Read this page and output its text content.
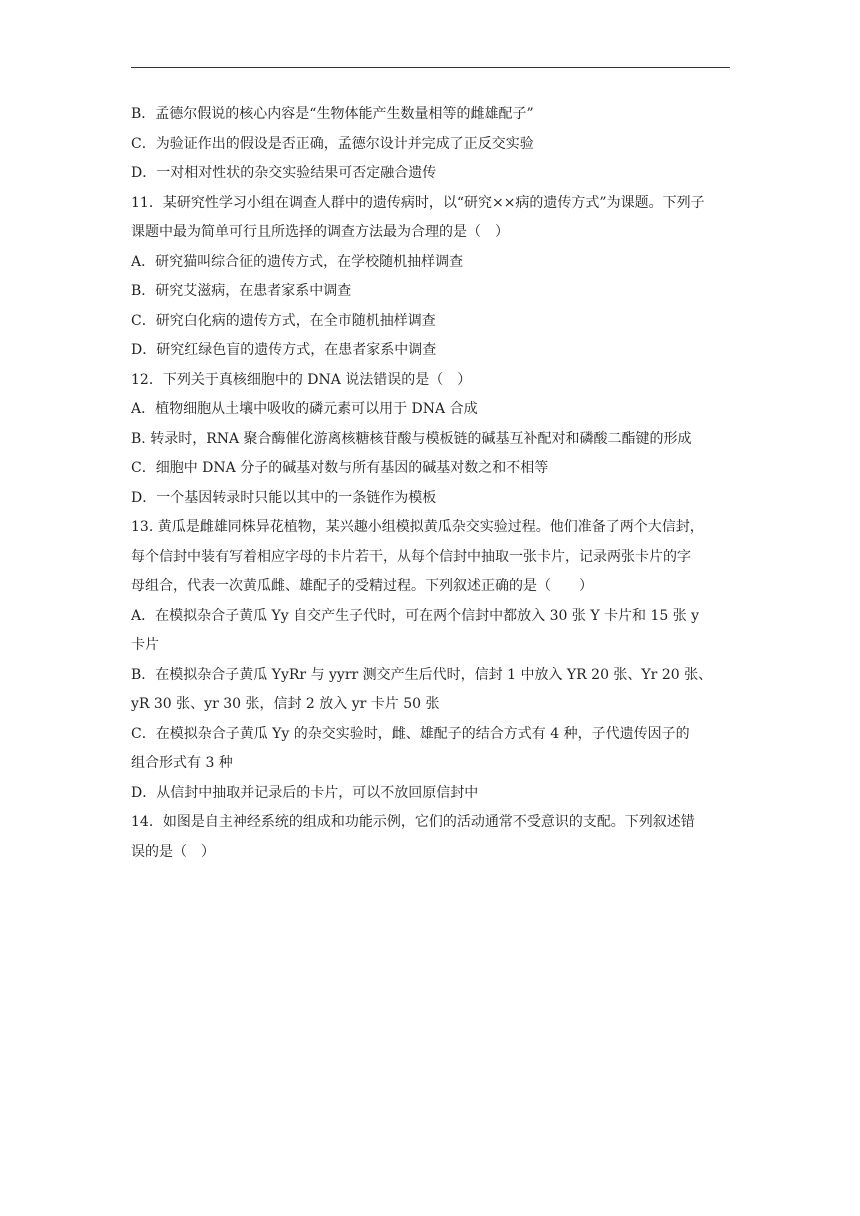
B．孟德尔假说的核心内容是“生物体能产生数量相等的雌雄配子”
C．为验证作出的假设是否正确，孟德尔设计并完成了正反交实验
D．一对相对性状的杂交实验结果可否定融合遗传
11．某研究性学习小组在调查人群中的遗传病时，以“研究××病的遗传方式”为课题。下列子
课题中最为简单可行且所选择的调查方法最为合理的是（　）
A．研究猫叫综合征的遗传方式，在学校随机抽样调查
B．研究艾滋病，在患者家系中调查
C．研究白化病的遗传方式，在全市随机抽样调查
D．研究红绿色盲的遗传方式，在患者家系中调查
12．下列关于真核细胞中的 DNA 说法错误的是（　）
A．植物细胞从土壤中吸收的磷元素可以用于 DNA 合成
B. 转录时，RNA 聚合酶催化游离核糖核苷酸与模板链的碱基互补配对和磷酸二酯键的形成
C．细胞中 DNA 分子的碱基对数与所有基因的碱基对数之和不相等
D．一个基因转录时只能以其中的一条链作为模板
13. 黄瓜是雌雄同株异花植物，某兴趣小组模拟黄瓜杂交实验过程。他们准备了两个大信封，
每个信封中装有写着相应字母的卡片若干，从每个信封中抽取一张卡片，记录两张卡片的字
母组合，代表一次黄瓜雌、雄配子的受精过程。下列叙述正确的是（　　）
A．在模拟杂合子黄瓜 Yy 自交产生子代时，可在两个信封中都放入 30 张 Y 卡片和 15 张 y
卡片
B．在模拟杂合子黄瓜 YyRr 与 yyrr 测交产生后代时，信封 1 中放入 YR 20 张、Yr 20 张、
yR 30 张、yr 30 张，信封 2 放入 yr 卡片 50 张
C．在模拟杂合子黄瓜 Yy 的杂交实验时，雌、雄配子的结合方式有 4 种，子代遗传因子的
组合形式有 3 种
D．从信封中抽取并记录后的卡片，可以不放回原信封中
14．如图是自主神经系统的组成和功能示例，它们的活动通常不受意识的支配。下列叙述错
误的是（　）
